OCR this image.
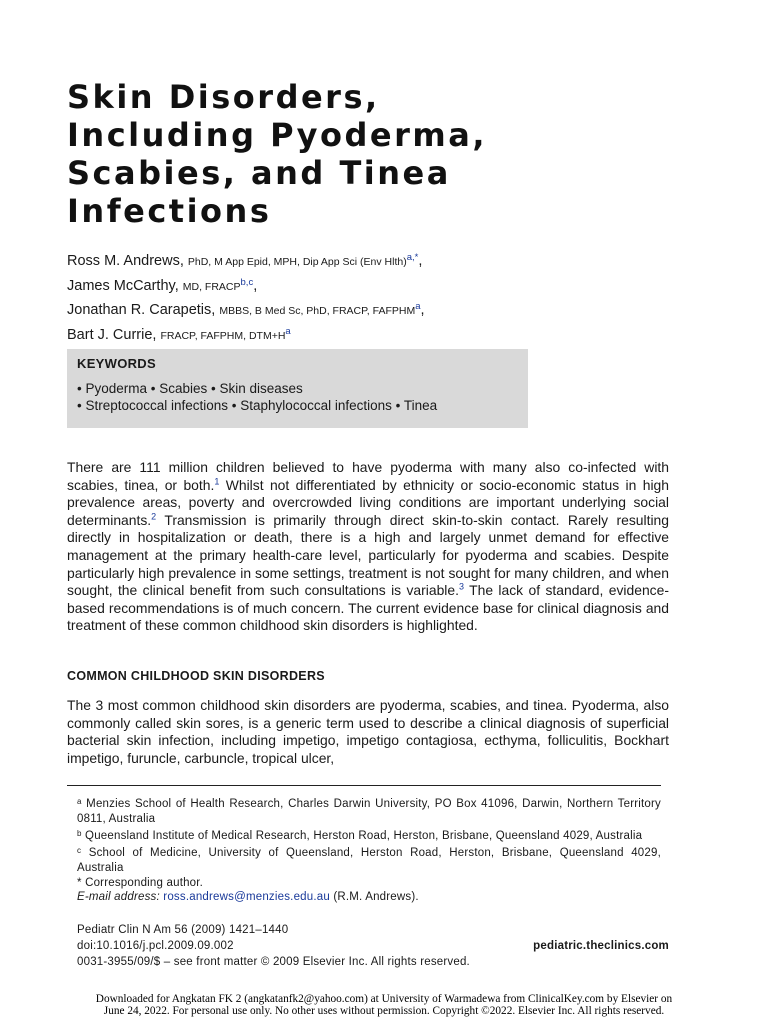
Skin Disorders,
Including Pyoderma,
Scabies, and Tinea
Infections
Ross M. Andrews, PhD, M App Epid, MPH, Dip App Sci (Env Hlth)$^{a,*}$,
James McCarthy, MD, FRACP$^{b,c}$,
Jonathan R. Carapetis, MBBS, B Med Sc, PhD, FRACP, FAFPHM$^a$,
Bart J. Currie, FRACP, FAFPHM, DTM+H$^a$
KEYWORDS
• Pyoderma • Scabies • Skin diseases
• Streptococcal infections • Staphylococcal infections • Tinea
There are 111 million children believed to have pyoderma with many also co-infected with scabies, tinea, or both.$^1$ Whilst not differentiated by ethnicity or socio-economic status in high prevalence areas, poverty and overcrowded living conditions are important underlying social determinants.$^2$ Transmission is primarily through direct skin-to-skin contact. Rarely resulting directly in hospitalization or death, there is a high and largely unmet demand for effective management at the primary health-care level, particularly for pyoderma and scabies. Despite particularly high prevalence in some settings, treatment is not sought for many children, and when sought, the clinical benefit from such consultations is variable.$^3$ The lack of standard, evidence-based recommendations is of much concern. The current evidence base for clinical diagnosis and treatment of these common childhood skin disorders is highlighted.
COMMON CHILDHOOD SKIN DISORDERS
The 3 most common childhood skin disorders are pyoderma, scabies, and tinea. Pyoderma, also commonly called skin sores, is a generic term used to describe a clinical diagnosis of superficial bacterial skin infection, including impetigo, impetigo contagiosa, ecthyma, folliculitis, Bockhart impetigo, furuncle, carbuncle, tropical ulcer,
$^a$ Menzies School of Health Research, Charles Darwin University, PO Box 41096, Darwin, Northern Territory 0811, Australia
$^b$ Queensland Institute of Medical Research, Herston Road, Herston, Brisbane, Queensland 4029, Australia
$^c$ School of Medicine, University of Queensland, Herston Road, Herston, Brisbane, Queensland 4029, Australia
* Corresponding author.
E-mail address: ross.andrews@menzies.edu.au (R.M. Andrews).
Pediatr Clin N Am 56 (2009) 1421–1440
doi:10.1016/j.pcl.2009.09.002	pediatric.theclinics.com
0031-3955/09/$ – see front matter © 2009 Elsevier Inc. All rights reserved.
Downloaded for Angkatan FK 2 (angkatanfk2@yahoo.com) at University of Warmadewa from ClinicalKey.com by Elsevier on
June 24, 2022. For personal use only. No other uses without permission. Copyright ©2022. Elsevier Inc. All rights reserved.
